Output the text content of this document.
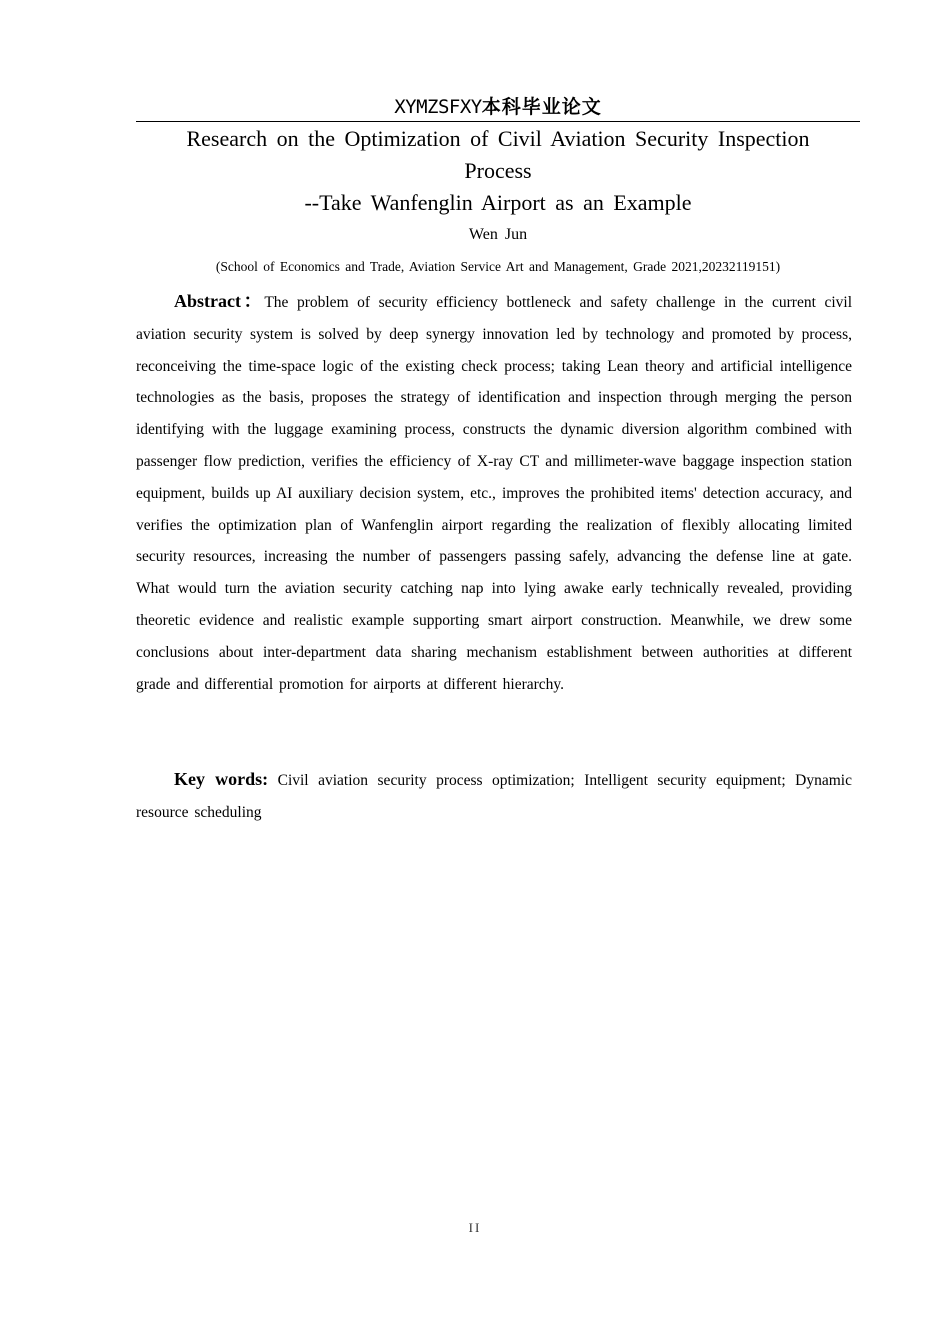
XYMZSFXY本科毕业论文
Research on the Optimization of Civil Aviation Security Inspection Process
--Take Wanfenglin Airport as an Example
Wen Jun
(School of Economics and Trade, Aviation Service Art and Management, Grade 2021,20232119151)

Abstract：The problem of security efficiency bottleneck and safety challenge in the current civil aviation security system is solved by deep synergy innovation led by technology and promoted by process, reconceiving the time-space logic of the existing check process; taking Lean theory and artificial intelligence technologies as the basis, proposes the strategy of identification and inspection through merging the person identifying with the luggage examining process, constructs the dynamic diversion algorithm combined with passenger flow prediction, verifies the efficiency of X-ray CT and millimeter-wave baggage inspection station equipment, builds up AI auxiliary decision system, etc., improves the prohibited items' detection accuracy, and verifies the optimization plan of Wanfenglin airport regarding the realization of flexibly allocating limited security resources, increasing the number of passengers passing safely, advancing the defense line at gate. What would turn the aviation security catching nap into lying awake early technically revealed, providing theoretic evidence and realistic example supporting smart airport construction. Meanwhile, we drew some conclusions about inter-department data sharing mechanism establishment between authorities at different grade and differential promotion for airports at different hierarchy.

Key words: Civil aviation security process optimization; Intelligent security equipment; Dynamic resource scheduling

II
